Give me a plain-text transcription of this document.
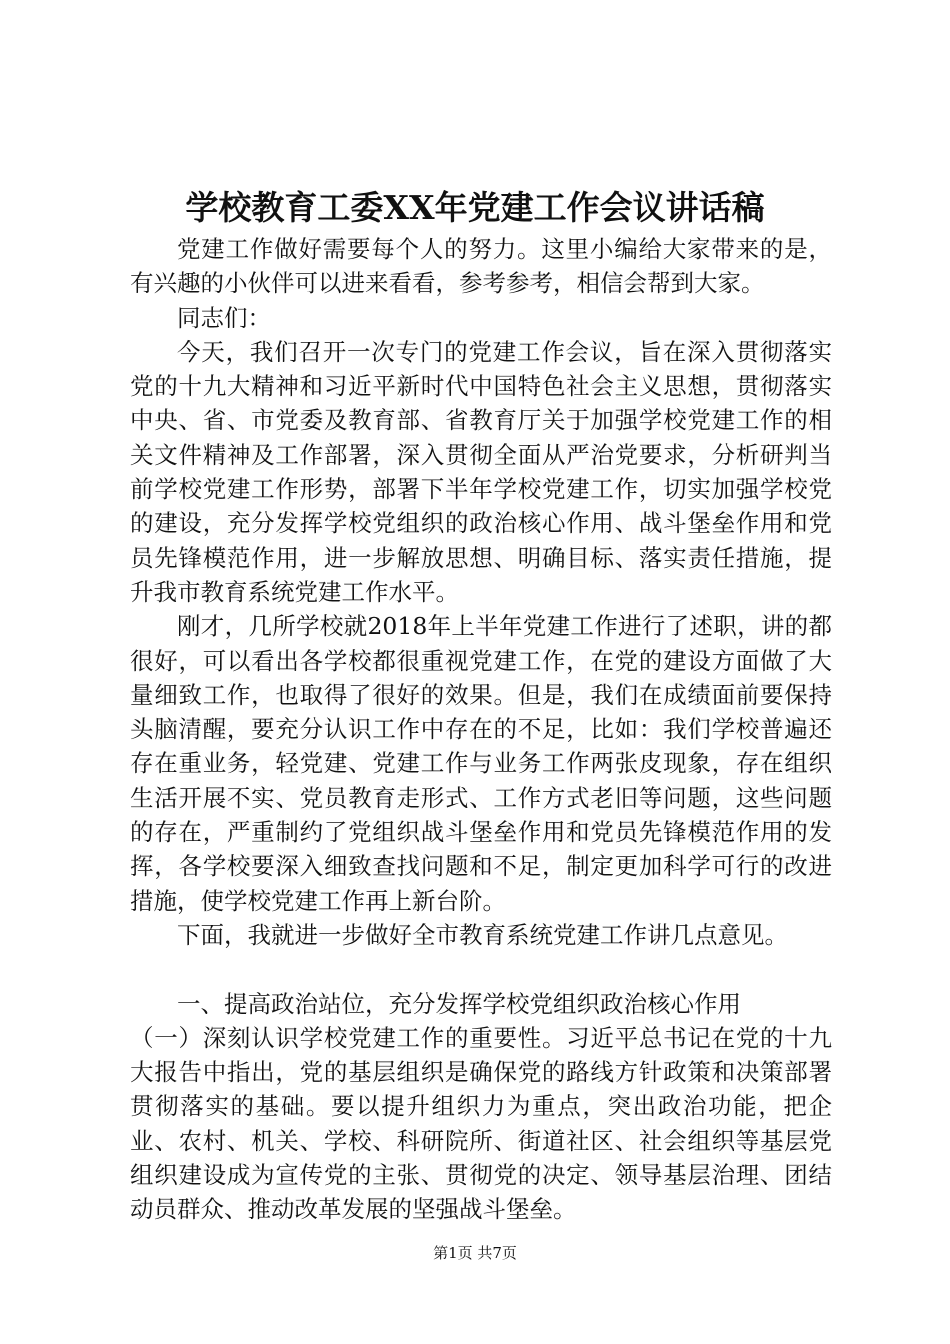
学校教育工委XX年党建工作会议讲话稿

党建工作做好需要每个人的努力。这里小编给大家带来的是，有兴趣的小伙伴可以进来看看，参考参考，相信会帮到大家。

同志们：

今天，我们召开一次专门的党建工作会议，旨在深入贯彻落实党的十九大精神和习近平新时代中国特色社会主义思想，贯彻落实中央、省、市党委及教育部、省教育厅关于加强学校党建工作的相关文件精神及工作部署，深入贯彻全面从严治党要求，分析研判当前学校党建工作形势，部署下半年学校党建工作，切实加强学校党的建设，充分发挥学校党组织的政治核心作用、战斗堡垒作用和党员先锋模范作用，进一步解放思想、明确目标、落实责任措施，提升我市教育系统党建工作水平。

刚才，几所学校就2018年上半年党建工作进行了述职，讲的都很好，可以看出各学校都很重视党建工作，在党的建设方面做了大量细致工作，也取得了很好的效果。但是，我们在成绩面前要保持头脑清醒，要充分认识工作中存在的不足，比如：我们学校普遍还存在重业务，轻党建、党建工作与业务工作两张皮现象，存在组织生活开展不实、党员教育走形式、工作方式老旧等问题，这些问题的存在，严重制约了党组织战斗堡垒作用和党员先锋模范作用的发挥，各学校要深入细致查找问题和不足，制定更加科学可行的改进措施，使学校党建工作再上新台阶。

下面，我就进一步做好全市教育系统党建工作讲几点意见。

一、提高政治站位，充分发挥学校党组织政治核心作用

（一）深刻认识学校党建工作的重要性。习近平总书记在党的十九大报告中指出，党的基层组织是确保党的路线方针政策和决策部署贯彻落实的基础。要以提升组织力为重点，突出政治功能，把企业、农村、机关、学校、科研院所、街道社区、社会组织等基层党组织建设成为宣传党的主张、贯彻党的决定、领导基层治理、团结动员群众、推动改革发展的坚强战斗堡垒。

第1页 共7页
